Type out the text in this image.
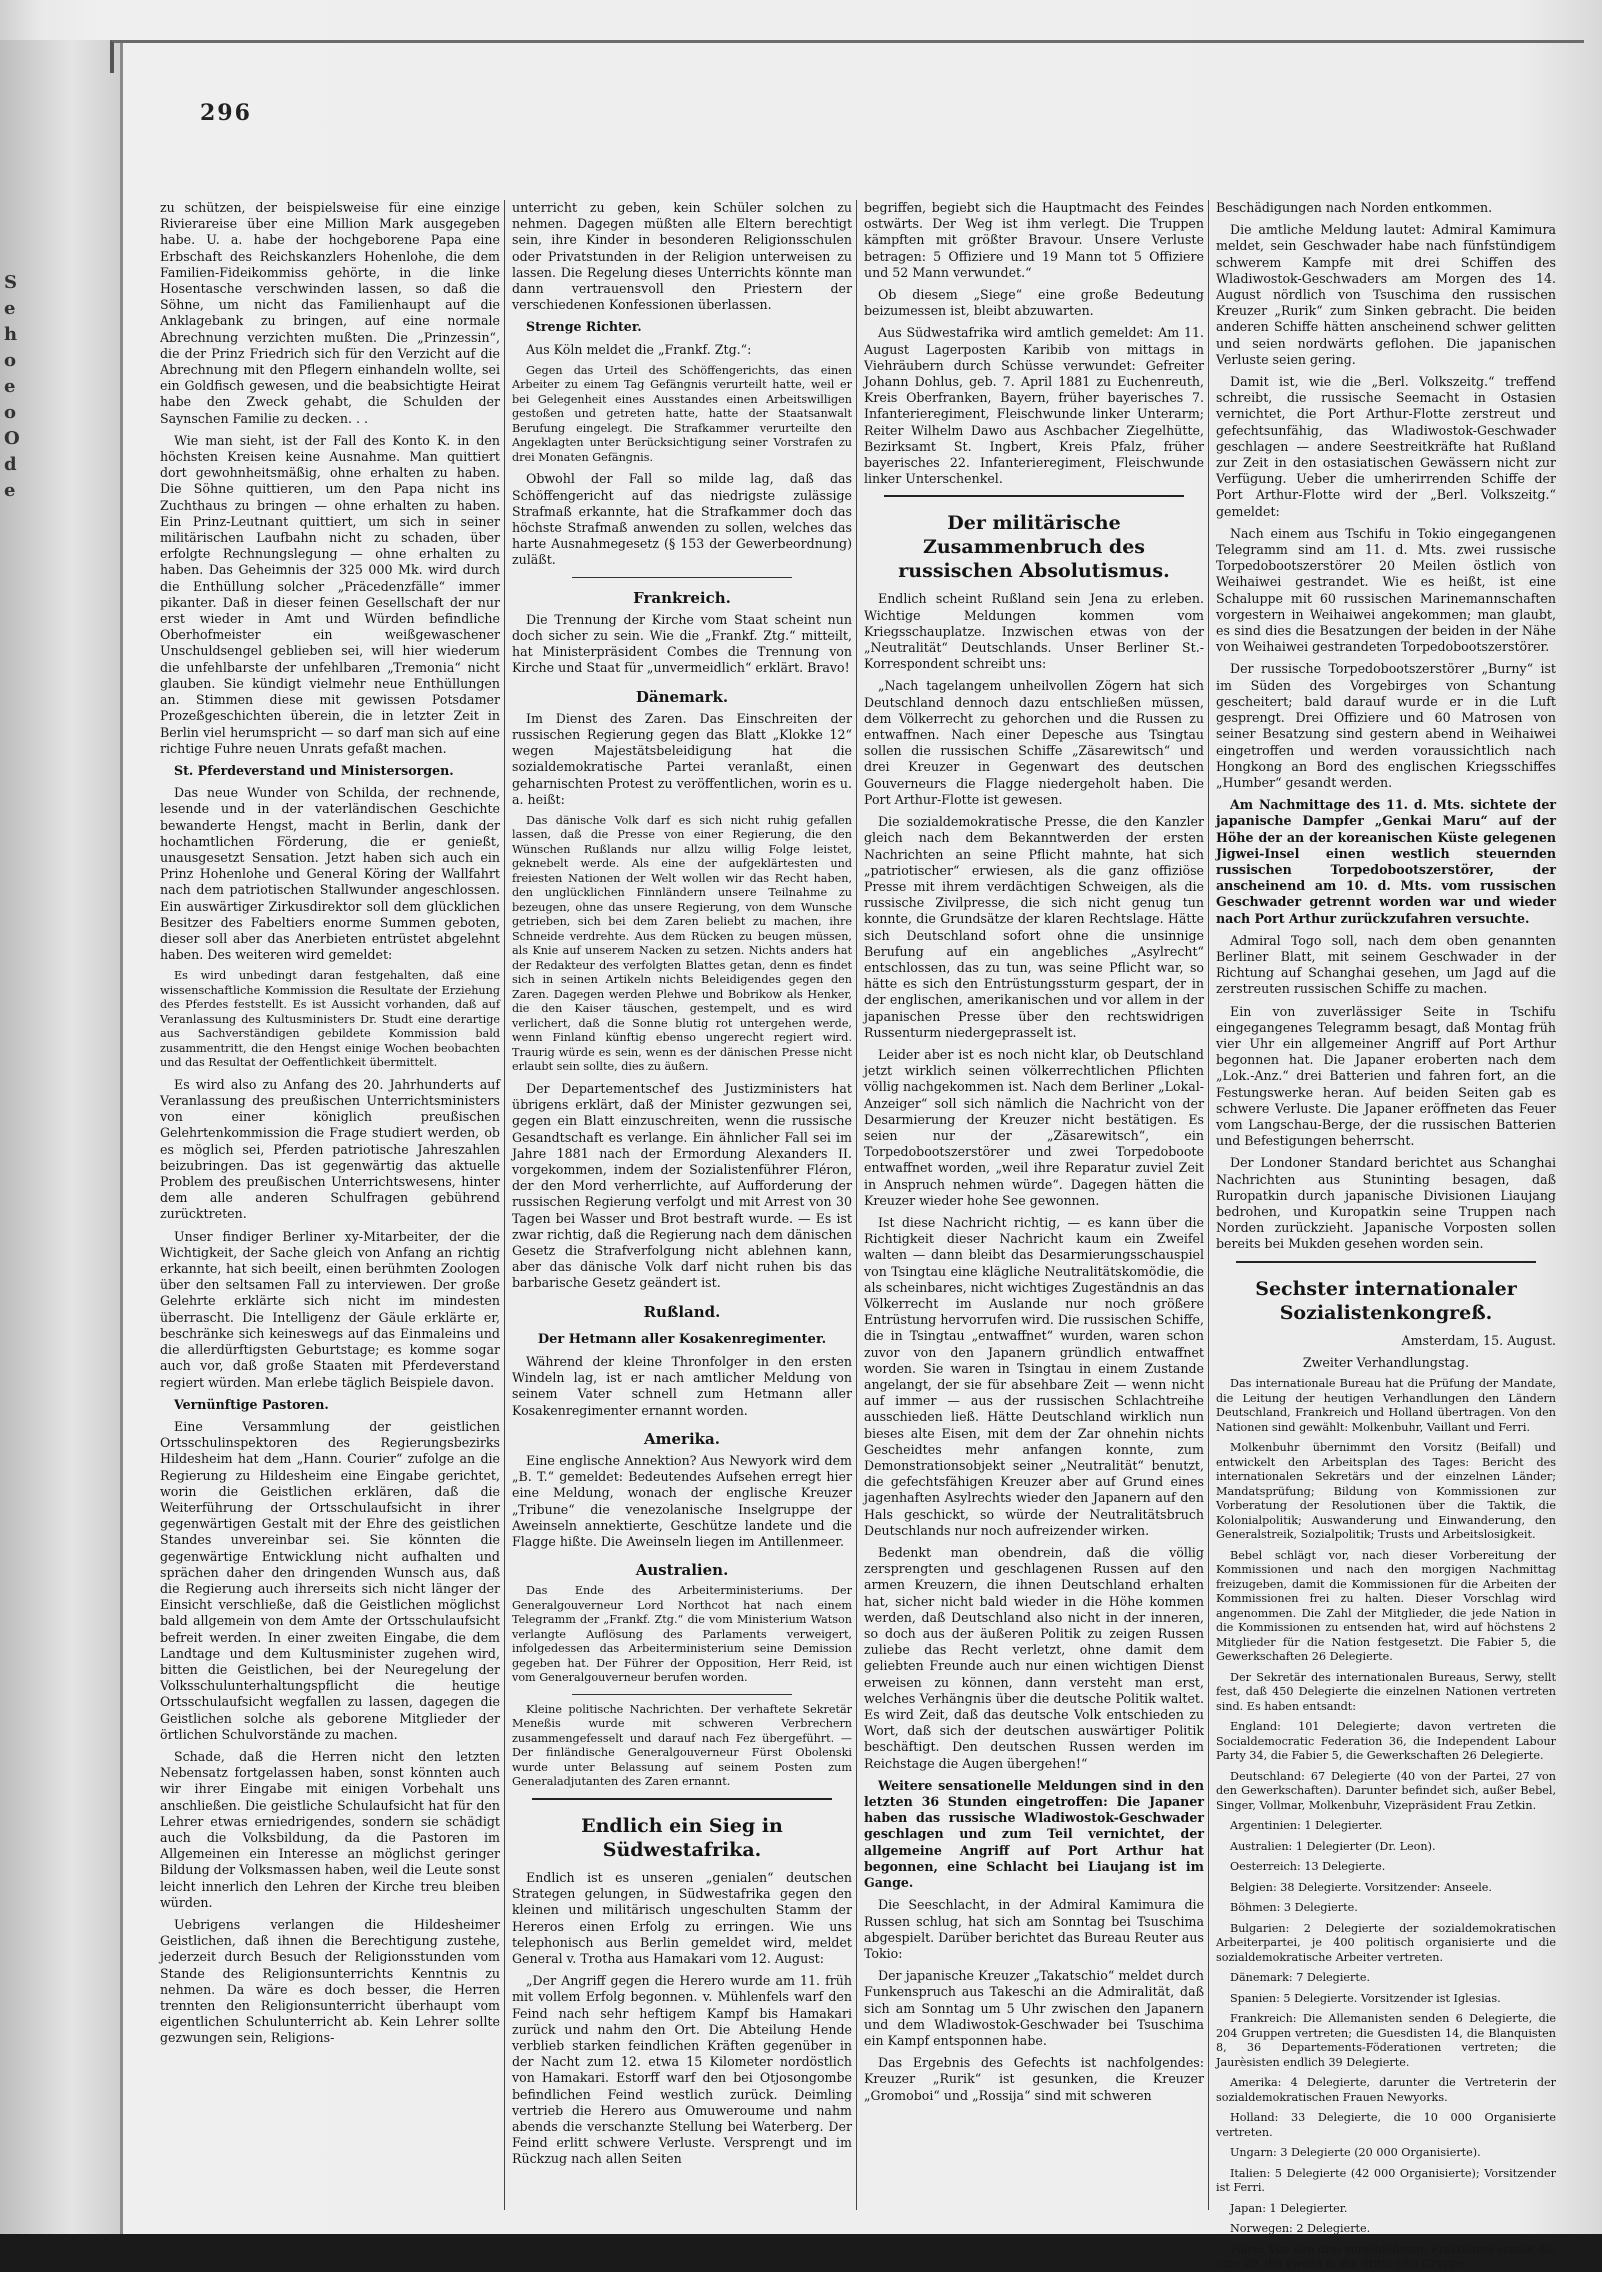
S
e
h
o
e
o
O
d
e
296

zu schützen, der beispielsweise für eine einzige Rivierareise über eine Million Mark ausgegeben habe. U. a. habe der hochgeborene Papa eine Erbschaft des Reichskanzlers Hohenlohe, die dem Familien-Fideikommiss gehörte, in die linke Hosentasche verschwinden lassen, so daß die Söhne, um nicht das Familienhaupt auf die Anklagebank zu bringen, auf eine normale Abrechnung verzichten mußten. Die „Prinzessin“, die der Prinz Friedrich sich für den Verzicht auf die Abrechnung mit den Pflegern einhandeln wollte, sei ein Goldfisch gewesen, und die beabsichtigte Heirat habe den Zweck gehabt, die Schulden der Saynschen Familie zu decken. . .

Wie man sieht, ist der Fall des Konto K. in den höchsten Kreisen keine Ausnahme. Man quittiert dort gewohnheitsmäßig, ohne erhalten zu haben. Die Söhne quittieren, um den Papa nicht ins Zuchthaus zu bringen — ohne erhalten zu haben. Ein Prinz-Leutnant quittiert, um sich in seiner militärischen Laufbahn nicht zu schaden, über erfolgte Rechnungslegung — ohne erhalten zu haben. Das Geheimnis der 325 000 Mk. wird durch die Enthüllung solcher „Präcedenzfälle“ immer pikanter. Daß in dieser feinen Gesellschaft der nur erst wieder in Amt und Würden befindliche Oberhofmeister ein weißgewaschener Unschuldsengel geblieben sei, will hier wiederum die unfehlbarste der unfehlbaren „Tremonia“ nicht glauben. Sie kündigt vielmehr neue Enthüllungen an. Stimmen diese mit gewissen Potsdamer Prozeßgeschichten überein, die in letzter Zeit in Berlin viel herumspricht — so darf man sich auf eine richtige Fuhre neuen Unrats gefaßt machen.

St. Pferdeverstand und Ministersorgen.

Das neue Wunder von Schilda, der rechnende, lesende und in der vaterländischen Geschichte bewanderte Hengst, macht in Berlin, dank der hochamtlichen Förderung, die er genießt, unausgesetzt Sensation. Jetzt haben sich auch ein Prinz Hohenlohe und General Köring der Wallfahrt nach dem patriotischen Stallwunder angeschlossen. Ein auswärtiger Zirkusdirektor soll dem glücklichen Besitzer des Fabeltiers enorme Summen geboten, dieser soll aber das Anerbieten entrüstet abgelehnt haben. Des weiteren wird gemeldet:

Es wird unbedingt daran festgehalten, daß eine wissenschaftliche Kommission die Resultate der Erziehung des Pferdes feststellt. Es ist Aussicht vorhanden, daß auf Veranlassung des Kultusministers Dr. Studt eine derartige aus Sachverständigen gebildete Kommission bald zusammentritt, die den Hengst einige Wochen beobachten und das Resultat der Oeffentlichkeit übermittelt.

Es wird also zu Anfang des 20. Jahrhunderts auf Veranlassung des preußischen Unterrichtsministers von einer königlich preußischen Gelehrtenkommission die Frage studiert werden, ob es möglich sei, Pferden patriotische Jahreszahlen beizubringen. Das ist gegenwärtig das aktuelle Problem des preußischen Unterrichtswesens, hinter dem alle anderen Schulfragen gebührend zurücktreten.

Unser findiger Berliner xy-Mitarbeiter, der die Wichtigkeit, der Sache gleich von Anfang an richtig erkannte, hat sich beeilt, einen berühmten Zoologen über den seltsamen Fall zu interviewen. Der große Gelehrte erklärte sich nicht im mindesten überrascht. Die Intelligenz der Gäule erklärte er, beschränke sich keineswegs auf das Einmaleins und die allerdürftigsten Geburtstage; es komme sogar auch vor, daß große Staaten mit Pferdeverstand regiert würden. Man erlebe täglich Beispiele davon.

Vernünftige Pastoren.

Eine Versammlung der geistlichen Ortsschulinspektoren des Regierungsbezirks Hildesheim hat dem „Hann. Courier“ zufolge an die Regierung zu Hildesheim eine Eingabe gerichtet, worin die Geistlichen erklären, daß die Weiterführung der Ortsschulaufsicht in ihrer gegenwärtigen Gestalt mit der Ehre des geistlichen Standes unvereinbar sei. Sie könnten die gegenwärtige Entwicklung nicht aufhalten und sprächen daher den dringenden Wunsch aus, daß die Regierung auch ihrerseits sich nicht länger der Einsicht verschließe, daß die Geistlichen möglichst bald allgemein von dem Amte der Ortsschulaufsicht befreit werden. In einer zweiten Eingabe, die dem Landtage und dem Kultusminister zugehen wird, bitten die Geistlichen, bei der Neuregelung der Volksschulunterhaltungspflicht die heutige Ortsschulaufsicht wegfallen zu lassen, dagegen die Geistlichen solche als geborene Mitglieder der örtlichen Schulvorstände zu machen.

Schade, daß die Herren nicht den letzten Nebensatz fortgelassen haben, sonst könnten auch wir ihrer Eingabe mit einigen Vorbehalt uns anschließen. Die geistliche Schulaufsicht hat für den Lehrer etwas erniedrigendes, sondern sie schädigt auch die Volksbildung, da die Pastoren im Allgemeinen ein Interesse an möglichst geringer Bildung der Volksmassen haben, weil die Leute sonst leicht innerlich den Lehren der Kirche treu bleiben würden.

Uebrigens verlangen die Hildesheimer Geistlichen, daß ihnen die Berechtigung zustehe, jederzeit durch Besuch der Religionsstunden vom Stande des Religionsunterrichts Kenntnis zu nehmen. Da wäre es doch besser, die Herren trennten den Religionsunterricht überhaupt vom eigentlichen Schulunterricht ab. Kein Lehrer sollte gezwungen sein, Religions-

unterricht zu geben, kein Schüler solchen zu nehmen. Dagegen müßten alle Eltern berechtigt sein, ihre Kinder in besonderen Religionsschulen oder Privatstunden in der Religion unterweisen zu lassen. Die Regelung dieses Unterrichts könnte man dann vertrauensvoll den Priestern der verschiedenen Konfessionen überlassen.

Strenge Richter.

Aus Köln meldet die „Frankf. Ztg.“:

Gegen das Urteil des Schöffengerichts, das einen Arbeiter zu einem Tag Gefängnis verurteilt hatte, weil er bei Gelegenheit eines Ausstandes einen Arbeitswilligen gestoßen und getreten hatte, hatte der Staatsanwalt Berufung eingelegt. Die Strafkammer verurteilte den Angeklagten unter Berücksichtigung seiner Vorstrafen zu drei Monaten Gefängnis.

Obwohl der Fall so milde lag, daß das Schöffengericht auf das niedrigste zulässige Strafmaß erkannte, hat die Strafkammer doch das höchste Strafmaß anwenden zu sollen, welches das harte Ausnahmegesetz (§ 153 der Gewerbeordnung) zuläßt.

Frankreich.

Die Trennung der Kirche vom Staat scheint nun doch sicher zu sein. Wie die „Frankf. Ztg.“ mitteilt, hat Ministerpräsident Combes die Trennung von Kirche und Staat für „unvermeidlich“ erklärt. Bravo!

Dänemark.

Im Dienst des Zaren. Das Einschreiten der russischen Regierung gegen das Blatt „Klokke 12“ wegen Majestätsbeleidigung hat die sozialdemokratische Partei veranlaßt, einen geharnischten Protest zu veröffentlichen, worin es u. a. heißt:

Das dänische Volk darf es sich nicht ruhig gefallen lassen, daß die Presse von einer Regierung, die den Wünschen Rußlands nur allzu willig Folge leistet, geknebelt werde. Als eine der aufgeklärtesten und freiesten Nationen der Welt wollen wir das Recht haben, den unglücklichen Finnländern unsere Teilnahme zu bezeugen, ohne das unsere Regierung, von dem Wunsche getrieben, sich bei dem Zaren beliebt zu machen, ihre Schneide verdrehte. Aus dem Rücken zu beugen müssen, als Knie auf unserem Nacken zu setzen. Nichts anders hat der Redakteur des verfolgten Blattes getan, denn es findet sich in seinen Artikeln nichts Beleidigendes gegen den Zaren. Dagegen werden Plehwe und Bobrikow als Henker, die den Kaiser täuschen, gestempelt, und es wird verlichert, daß die Sonne blutig rot untergehen werde, wenn Finland künftig ebenso ungerecht regiert wird. Traurig würde es sein, wenn es der dänischen Presse nicht erlaubt sein sollte, dies zu äußern.

Der Departementschef des Justizministers hat übrigens erklärt, daß der Minister gezwungen sei, gegen ein Blatt einzuschreiten, wenn die russische Gesandtschaft es verlange. Ein ähnlicher Fall sei im Jahre 1881 nach der Ermordung Alexanders II. vorgekommen, indem der Sozialistenführer Fléron, der den Mord verherrlichte, auf Aufforderung der russischen Regierung verfolgt und mit Arrest von 30 Tagen bei Wasser und Brot bestraft wurde. — Es ist zwar richtig, daß die Regierung nach dem dänischen Gesetz die Strafverfolgung nicht ablehnen kann, aber das dänische Volk darf nicht ruhen bis das barbarische Gesetz geändert ist.

Rußland.

Der Hetmann aller Kosakenregimenter.

Während der kleine Thronfolger in den ersten Windeln lag, ist er nach amtlicher Meldung von seinem Vater schnell zum Hetmann aller Kosakenregimenter ernannt worden.

Amerika.

Eine englische Annektion? Aus Newyork wird dem „B. T.“ gemeldet: Bedeutendes Aufsehen erregt hier eine Meldung, wonach der englische Kreuzer „Tribune“ die venezolanische Inselgruppe der Aweinseln annektierte, Geschütze landete und die Flagge hißte. Die Aweinseln liegen im Antillenmeer.

Australien.

Das Ende des Arbeiterministeriums. Der Generalgouverneur Lord Northcot hat nach einem Telegramm der „Frankf. Ztg.“ die vom Ministerium Watson verlangte Auflösung des Parlaments verweigert, infolgedessen das Arbeiterministerium seine Demission gegeben hat. Der Führer der Opposition, Herr Reid, ist vom Generalgouverneur berufen worden.

Kleine politische Nachrichten. Der verhaftete Sekretär Meneßis wurde mit schweren Verbrechern zusammengefesselt und darauf nach Fez übergeführt. — Der finländische Generalgouverneur Fürst Obolenski wurde unter Belassung auf seinem Posten zum Generaladjutanten des Zaren ernannt.

Endlich ein Sieg in Südwestafrika.

Endlich ist es unseren „genialen“ deutschen Strategen gelungen, in Südwestafrika gegen den kleinen und militärisch ungeschulten Stamm der Hereros einen Erfolg zu erringen. Wie uns telephonisch aus Berlin gemeldet wird, meldet General v. Trotha aus Hamakari vom 12. August:

„Der Angriff gegen die Herero wurde am 11. früh mit vollem Erfolg begonnen. v. Mühlenfels warf den Feind nach sehr heftigem Kampf bis Hamakari zurück und nahm den Ort. Die Abteilung Hende verblieb starken feindlichen Kräften gegenüber in der Nacht zum 12. etwa 15 Kilometer nordöstlich von Hamakari. Estorff warf den bei Otjosongombe befindlichen Feind westlich zurück. Deimling vertrieb die Herero aus Omuweroume und nahm abends die verschanzte Stellung bei Waterberg. Der Feind erlitt schwere Verluste. Versprengt und im Rückzug nach allen Seiten

begriffen, begiebt sich die Hauptmacht des Feindes ostwärts. Der Weg ist ihm verlegt. Die Truppen kämpften mit größter Bravour. Unsere Verluste betragen: 5 Offiziere und 19 Mann tot 5 Offiziere und 52 Mann verwundet.“

Ob diesem „Siege“ eine große Bedeutung beizumessen ist, bleibt abzuwarten.

Aus Südwestafrika wird amtlich gemeldet: Am 11. August Lagerposten Karibib von mittags in Viehräubern durch Schüsse verwundet: Gefreiter Johann Dohlus, geb. 7. April 1881 zu Euchenreuth, Kreis Oberfranken, Bayern, früher bayerisches 7. Infanterieregiment, Fleischwunde linker Unterarm; Reiter Wilhelm Dawo aus Aschbacher Ziegelhütte, Bezirksamt St. Ingbert, Kreis Pfalz, früher bayerisches 22. Infanterieregiment, Fleischwunde linker Unterschenkel.

Der militärische Zusammenbruch des russischen Absolutismus.

Endlich scheint Rußland sein Jena zu erleben. Wichtige Meldungen kommen vom Kriegsschauplatze. Inzwischen etwas von der „Neutralität“ Deutschlands. Unser Berliner St.-Korrespondent schreibt uns:

„Nach tagelangem unheilvollen Zögern hat sich Deutschland dennoch dazu entschließen müssen, dem Völkerrecht zu gehorchen und die Russen zu entwaffnen. Nach einer Depesche aus Tsingtau sollen die russischen Schiffe „Zäsarewitsch“ und drei Kreuzer in Gegenwart des deutschen Gouverneurs die Flagge niedergeholt haben. Die Port Arthur-Flotte ist gewesen.

Die sozialdemokratische Presse, die den Kanzler gleich nach dem Bekanntwerden der ersten Nachrichten an seine Pflicht mahnte, hat sich „patriotischer“ erwiesen, als die ganz offiziöse Presse mit ihrem verdächtigen Schweigen, als die russische Zivilpresse, die sich nicht genug tun konnte, die Grundsätze der klaren Rechtslage. Hätte sich Deutschland sofort ohne die unsinnige Berufung auf ein angebliches „Asylrecht“ entschlossen, das zu tun, was seine Pflicht war, so hätte es sich den Entrüstungssturm gespart, der in der englischen, amerikanischen und vor allem in der japanischen Presse über den rechtswidrigen Russenturm niedergeprasselt ist.

Leider aber ist es noch nicht klar, ob Deutschland jetzt wirklich seinen völkerrechtlichen Pflichten völlig nachgekommen ist. Nach dem Berliner „Lokal-Anzeiger“ soll sich nämlich die Nachricht von der Desarmierung der Kreuzer nicht bestätigen. Es seien nur der „Zäsarewitsch“, ein Torpedobootszerstörer und zwei Torpedoboote entwaffnet worden, „weil ihre Reparatur zuviel Zeit in Anspruch nehmen würde“. Dagegen hätten die Kreuzer wieder hohe See gewonnen.

Ist diese Nachricht richtig, — es kann über die Richtigkeit dieser Nachricht kaum ein Zweifel walten — dann bleibt das Desarmierungsschauspiel von Tsingtau eine klägliche Neutralitätskomödie, die als scheinbares, nicht wichtiges Zugeständnis an das Völkerrecht im Auslande nur noch größere Entrüstung hervorrufen wird. Die russischen Schiffe, die in Tsingtau „entwaffnet“ wurden, waren schon zuvor von den Japanern gründlich entwaffnet worden. Sie waren in Tsingtau in einem Zustande angelangt, der sie für absehbare Zeit — wenn nicht auf immer — aus der russischen Schlachtreihe ausschieden ließ. Hätte Deutschland wirklich nun bieses alte Eisen, mit dem der Zar ohnehin nichts Gescheidtes mehr anfangen konnte, zum Demonstrationsobjekt seiner „Neutralität“ benutzt, die gefechtsfähigen Kreuzer aber auf Grund eines jagenhaften Asylrechts wieder den Japanern auf den Hals geschickt, so würde der Neutralitätsbruch Deutschlands nur noch aufreizender wirken.

Bedenkt man obendrein, daß die völlig zersprengten und geschlagenen Russen auf den armen Kreuzern, die ihnen Deutschland erhalten hat, sicher nicht bald wieder in die Höhe kommen werden, daß Deutschland also nicht in der inneren, so doch aus der äußeren Politik zu zeigen Russen zuliebe das Recht verletzt, ohne damit dem geliebten Freunde auch nur einen wichtigen Dienst erweisen zu können, dann versteht man erst, welches Verhängnis über die deutsche Politik waltet. Es wird Zeit, daß das deutsche Volk entschieden zu Wort, daß sich der deutschen auswärtiger Politik beschäftigt. Den deutschen Russen werden im Reichstage die Augen übergehen!“

Weitere sensationelle Meldungen sind in den letzten 36 Stunden eingetroffen: Die Japaner haben das russische Wladiwostok-Geschwader geschlagen und zum Teil vernichtet, der allgemeine Angriff auf Port Arthur hat begonnen, eine Schlacht bei Liaujang ist im Gange.

Die Seeschlacht, in der Admiral Kamimura die Russen schlug, hat sich am Sonntag bei Tsuschima abgespielt. Darüber berichtet das Bureau Reuter aus Tokio:

Der japanische Kreuzer „Takatschio“ meldet durch Funkenspruch aus Takeschi an die Admiralität, daß sich am Sonntag um 5 Uhr zwischen den Japanern und dem Wladiwostok-Geschwader bei Tsuschima ein Kampf entsponnen habe.

Das Ergebnis des Gefechts ist nachfolgendes: Kreuzer „Rurik“ ist gesunken, die Kreuzer „Gromoboi“ und „Rossija“ sind mit schweren

Beschädigungen nach Norden entkommen.

Die amtliche Meldung lautet: Admiral Kamimura meldet, sein Geschwader habe nach fünfstündigem schwerem Kampfe mit drei Schiffen des Wladiwostok-Geschwaders am Morgen des 14. August nördlich von Tsuschima den russischen Kreuzer „Rurik“ zum Sinken gebracht. Die beiden anderen Schiffe hätten anscheinend schwer gelitten und seien nordwärts geflohen. Die japanischen Verluste seien gering.

Damit ist, wie die „Berl. Volkszeitg.“ treffend schreibt, die russische Seemacht in Ostasien vernichtet, die Port Arthur-Flotte zerstreut und gefechtsunfähig, das Wladiwostok-Geschwader geschlagen — andere Seestreitkräfte hat Rußland zur Zeit in den ostasiatischen Gewässern nicht zur Verfügung. Ueber die umherirrenden Schiffe der Port Arthur-Flotte wird der „Berl. Volkszeitg.“ gemeldet:

Nach einem aus Tschifu in Tokio eingegangenen Telegramm sind am 11. d. Mts. zwei russische Torpedobootszerstörer 20 Meilen östlich von Weihaiwei gestrandet. Wie es heißt, ist eine Schaluppe mit 60 russischen Marinemannschaften vorgestern in Weihaiwei angekommen; man glaubt, es sind dies die Besatzungen der beiden in der Nähe von Weihaiwei gestrandeten Torpedobootszerstörer.

Der russische Torpedobootszerstörer „Burny“ ist im Süden des Vorgebirges von Schantung gescheitert; bald darauf wurde er in die Luft gesprengt. Drei Offiziere und 60 Matrosen von seiner Besatzung sind gestern abend in Weihaiwei eingetroffen und werden voraussichtlich nach Hongkong an Bord des englischen Kriegsschiffes „Humber“ gesandt werden.

Am Nachmittage des 11. d. Mts. sichtete der japanische Dampfer „Genkai Maru“ auf der Höhe der an der koreanischen Küste gelegenen Jigwei-Insel einen westlich steuernden russischen Torpedobootszerstörer, der anscheinend am 10. d. Mts. vom russischen Geschwader getrennt worden war und wieder nach Port Arthur zurückzufahren versuchte.

Admiral Togo soll, nach dem oben genannten Berliner Blatt, mit seinem Geschwader in der Richtung auf Schanghai gesehen, um Jagd auf die zerstreuten russischen Schiffe zu machen.

Ein von zuverlässiger Seite in Tschifu eingegangenes Telegramm besagt, daß Montag früh vier Uhr ein allgemeiner Angriff auf Port Arthur begonnen hat. Die Japaner eroberten nach dem „Lok.-Anz.“ drei Batterien und fahren fort, an die Festungswerke heran. Auf beiden Seiten gab es schwere Verluste. Die Japaner eröffneten das Feuer vom Langschau-Berge, der die russischen Batterien und Befestigungen beherrscht.

Der Londoner Standard berichtet aus Schanghai Nachrichten aus Stuninting besagen, daß Ruropatkin durch japanische Divisionen Liaujang bedrohen, und Kuropatkin seine Truppen nach Norden zurückzieht. Japanische Vorposten sollen bereits bei Mukden gesehen worden sein.

Sechster internationaler Sozialistenkongreß.

Amsterdam, 15. August.

Zweiter Verhandlungstag.

Das internationale Bureau hat die Prüfung der Mandate, die Leitung der heutigen Verhandlungen den Ländern Deutschland, Frankreich und Holland übertragen. Von den Nationen sind gewählt: Molkenbuhr, Vaillant und Ferri.

Molkenbuhr übernimmt den Vorsitz (Beifall) und entwickelt den Arbeitsplan des Tages: Bericht des internationalen Sekretärs und der einzelnen Länder; Mandatsprüfung; Bildung von Kommissionen zur Vorberatung der Resolutionen über die Taktik, die Kolonialpolitik; Auswanderung und Einwanderung, den Generalstreik, Sozialpolitik; Trusts und Arbeitslosigkeit.

Bebel schlägt vor, nach dieser Vorbereitung der Kommissionen und nach den morgigen Nachmittag freizugeben, damit die Kommissionen für die Arbeiten der Kommissionen frei zu halten. Dieser Vorschlag wird angenommen. Die Zahl der Mitglieder, die jede Nation in die Kommissionen zu entsenden hat, wird auf höchstens 2 Mitglieder für die Nation festgesetzt. Die Fabier 5, die Gewerkschaften 26 Delegierte.

Der Sekretär des internationalen Bureaus, Serwy, stellt fest, daß 450 Delegierte die einzelnen Nationen vertreten sind. Es haben entsandt:

England: 101 Delegierte; davon vertreten die Socialdemocratic Federation 36, die Independent Labour Party 34, die Fabier 5, die Gewerkschaften 26 Delegierte.

Deutschland: 67 Delegierte (40 von der Partei, 27 von den Gewerkschaften). Darunter befindet sich, außer Bebel, Singer, Vollmar, Molkenbuhr, Vizepräsident Frau Zetkin.

Argentinien: 1 Delegierter.

Australien: 1 Delegierter (Dr. Leon).

Oesterreich: 13 Delegierte.

Belgien: 38 Delegierte. Vorsitzender: Anseele.

Böhmen: 3 Delegierte.

Bulgarien: 2 Delegierte der sozialdemokratischen Arbeiterpartei, je 400 politisch organisierte und die sozialdemokratische Arbeiter vertreten.

Dänemark: 7 Delegierte.

Spanien: 5 Delegierte. Vorsitzender ist Iglesias.

Frankreich: Die Allemanisten senden 6 Delegierte, die 204 Gruppen vertreten; die Guesdisten 14, die Blanquisten 8, 36 Departements-Föderationen vertreten; die Jaurèsisten endlich 39 Delegierte.

Amerika: 4 Delegierte, darunter die Vertreterin der sozialdemokratischen Frauen Newyorks.

Holland: 33 Delegierte, die 10 000 Organisierte vertreten.

Ungarn: 3 Delegierte (20 000 Organisierte).

Italien: 5 Delegierte (42 000 Organisierte); Vorsitzender ist Ferri.

Japan: 1 Delegierter.

Norwegen: 2 Delegierte.

Polen: Von den drei verschiedenen Fraktionen sendet die eine 20, die zweite 6, die dritte (die Gruppe
